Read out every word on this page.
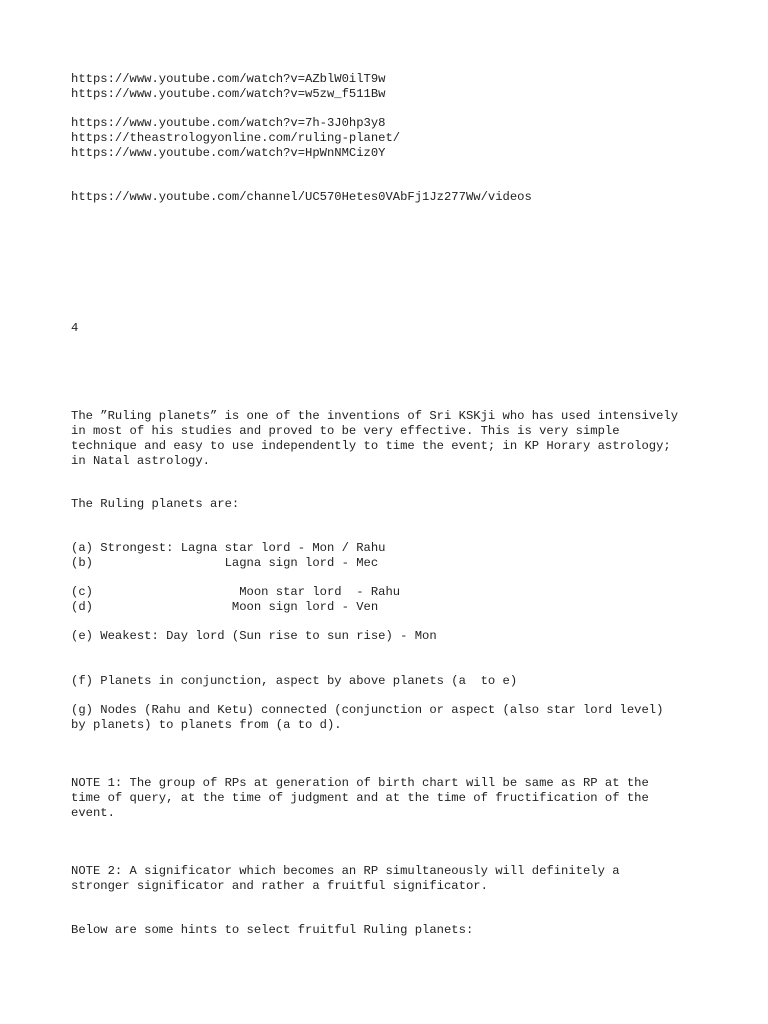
https://www.youtube.com/watch?v=AZblW0ilT9w

https://www.youtube.com/watch?v=w5zw_f511Bw

https://www.youtube.com/watch?v=7h-3J0hp3y8

https://theastrologyonline.com/ruling-planet/

https://www.youtube.com/watch?v=HpWnNMCiz0Y

https://www.youtube.com/channel/UC570Hetes0VAbFj1Jz277Ww/videos

4

The ”Ruling planets” is one of the inventions of Sri KSKji who has used intensively

in most of his studies and proved to be very effective. This is very simple

technique and easy to use independently to time the event; in KP Horary astrology;

in Natal astrology.

The Ruling planets are:

(a) Strongest: Lagna star lord - Mon / Rahu

(b)                  Lagna sign lord - Mec

(c)                    Moon star lord  - Rahu

(d)                   Moon sign lord - Ven

(e) Weakest: Day lord (Sun rise to sun rise) - Mon

(f) Planets in conjunction, aspect by above planets (a  to e)

(g) Nodes (Rahu and Ketu) connected (conjunction or aspect (also star lord level)

by planets) to planets from (a to d).

NOTE 1: The group of RPs at generation of birth chart will be same as RP at the

time of query, at the time of judgment and at the time of fructification of the

event.

NOTE 2: A significator which becomes an RP simultaneously will definitely a

stronger significator and rather a fruitful significator.

Below are some hints to select fruitful Ruling planets:
